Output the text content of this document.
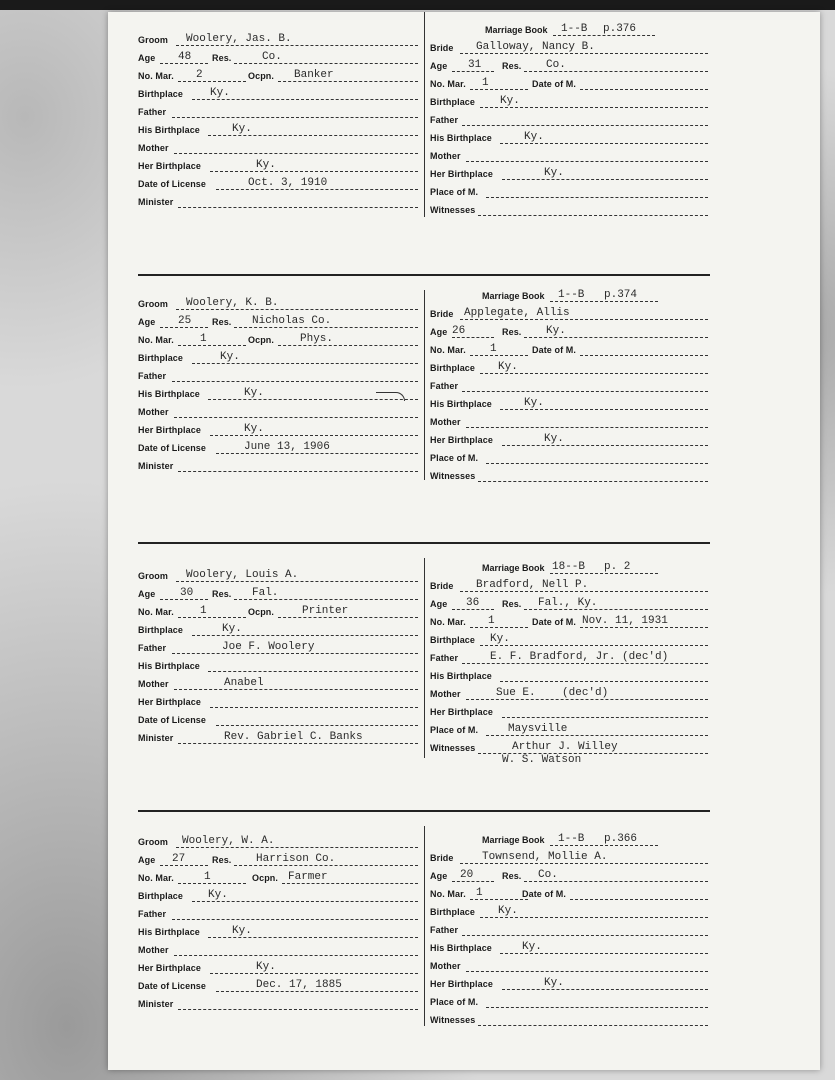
Groom Woolery, Jas. B.
Age 48 Res.	Co.
No. Mar. 2	Ocpn. Banker
Birthplace Ky.
Father
His Birthplace	Ky.
Mother
Her Birthplace	Ky.
Date of License	Oct. 3, 1910
Minister
Marriage Book 1--B p.376
Bride Galloway, Nancy B.
Age 31 Res. Co.
No. Mar. 1	Date of M.
Birthplace Ky.
Father
His Birthplace	Ky.
Mother
Her Birthplace	Ky.
Place of M.
Witnesses
Groom Woolery, K. B.
Age 25 Res. Nicholas Co.
No. Mar. 1	Ocpn. Phys.
Birthplace	Ky.
Father
His Birthplace	Ky.
Mother
Her Birthplace	Ky.
Date of License	June 13, 1906
Minister
Marriage Book 1--B p.374
Bride Applegate, Allis
Age 26	Res. Ky.
No. Mar. 1	Date of M.
Birthplace Ky.
Father
His Birthplace	Ky.
Mother
Her Birthplace	Ky.
Place of M.
Witnesses
Groom Woolery, Louis A.
Age 30 Res. Fal.
No. Mar. 1	Ocpn.	Printer
Birthplace	Ky.
Father	Joe F. Woolery
His Birthplace
Mother	Anabel
Her Birthplace
Date of License
Minister	Rev. Gabriel C. Banks
Marriage Book 18--B p. 2
Bride Bradford, Nell P.
Age 36	Res. Fal., Ky.
No. Mar. 1	Date of M. Nov. 11, 1931
Birthplace Ky.
Father	E. F. Bradford, Jr. (dec'd)
His Birthplace
Mother	Sue E.    (dec'd)
Her Birthplace
Place of M.	Maysville
Witnesses	Arthur J. Willey
W. S. Watson
Groom Woolery, W. A.
Age 27	Res. Harrison Co.
No. Mar.	1	Ocpn. Farmer
Birthplace Ky.
Father
His Birthplace	Ky.
Mother
Her Birthplace	Ky.
Date of License	Dec. 17, 1885
Minister
Marriage Book 1--B p.366
Bride	Townsend, Mollie A.
Age 20	Res. Co.
No. Mar. 1	Date of M.
Birthplace Ky.
Father
His Birthplace	Ky.
Mother
Her Birthplace	Ky.
Place of M.
Witnesses
